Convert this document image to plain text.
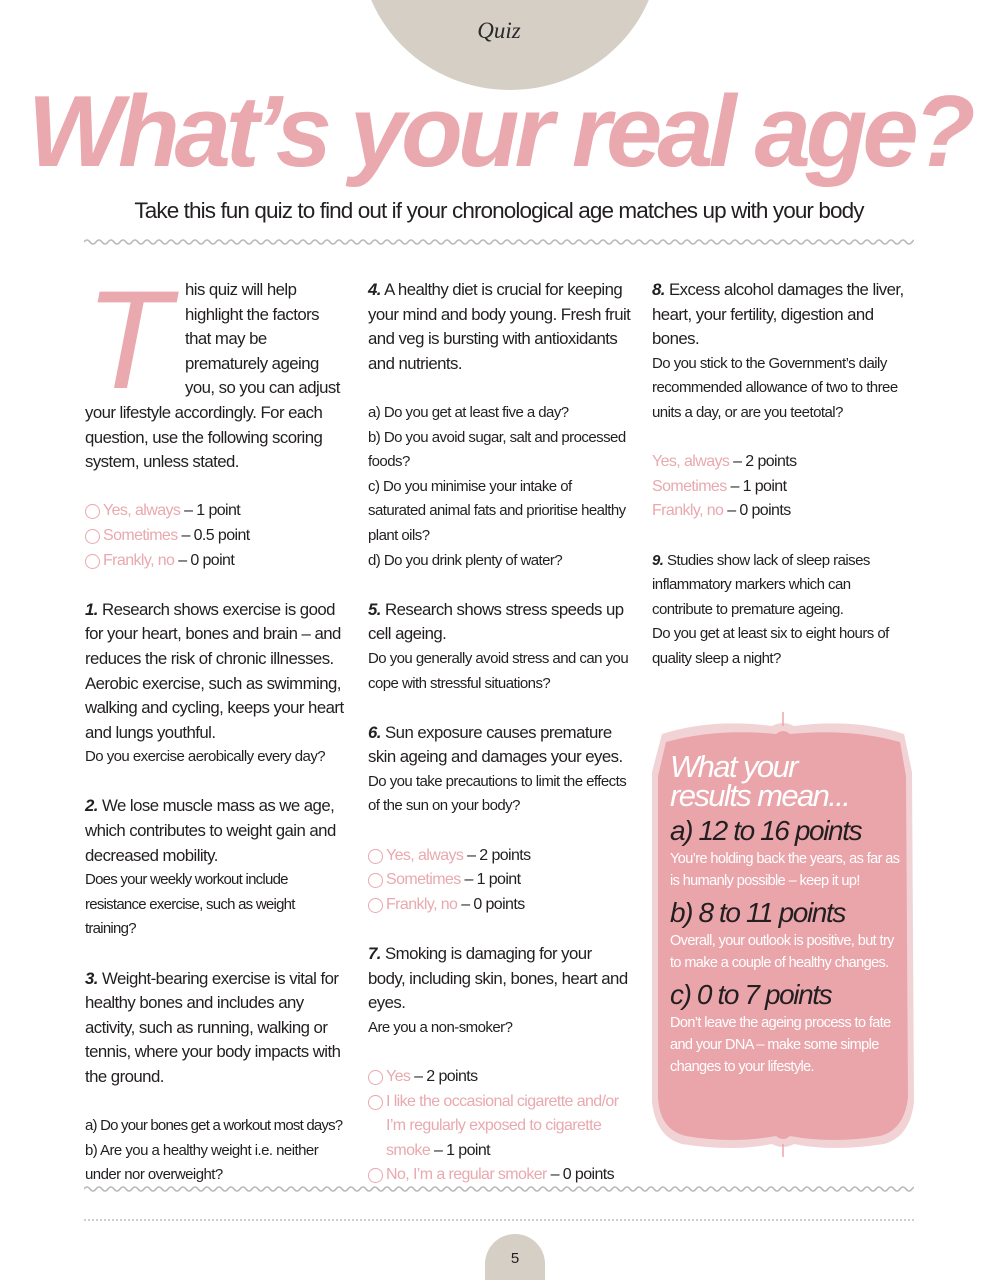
Quiz
What’s your real age?
Take this fun quiz to find out if your chronological age matches up with your body
T his quiz will help
highlight the factors
that may be
prematurely ageing
you, so you can adjust
your lifestyle accordingly. For each question, use the following scoring system, unless stated.
Yes, always – 1 point
Sometimes – 0.5 point
Frankly, no – 0 point
1. Research shows exercise is good for your heart, bones and brain – and reduces the risk of chronic illnesses. Aerobic exercise, such as swimming, walking and cycling, keeps your heart and lungs youthful.
Do you exercise aerobically every day?
2. We lose muscle mass as we age, which contributes to weight gain and decreased mobility.
Does your weekly workout include resistance exercise, such as weight training?
3. Weight-bearing exercise is vital for healthy bones and includes any activity, such as running, walking or tennis, where your body impacts with the ground.
a) Do your bones get a workout most days?
b) Are you a healthy weight i.e. neither under nor overweight?
4. A healthy diet is crucial for keeping your mind and body young. Fresh fruit and veg is bursting with antioxidants and nutrients.
a) Do you get at least five a day?
b) Do you avoid sugar, salt and processed foods?
c) Do you minimise your intake of saturated animal fats and prioritise healthy plant oils?
d) Do you drink plenty of water?
5. Research shows stress speeds up cell ageing.
Do you generally avoid stress and can you cope with stressful situations?
6. Sun exposure causes premature skin ageing and damages your eyes.
Do you take precautions to limit the effects of the sun on your body?
Yes, always – 2 points
Sometimes – 1 point
Frankly, no – 0 points
7. Smoking is damaging for your body, including skin, bones, heart and eyes.
Are you a non-smoker?
Yes – 2 points
I like the occasional cigarette and/or I’m regularly exposed to cigarette smoke – 1 point
No, I’m a regular smoker – 0 points
8. Excess alcohol damages the liver, heart, your fertility, digestion and bones.
Do you stick to the Government’s daily recommended allowance of two to three units a day, or are you teetotal?
Yes, always – 2 points
Sometimes – 1 point
Frankly, no – 0 points
9. Studies show lack of sleep raises inflammatory markers which can contribute to premature ageing.
Do you get at least six to eight hours of quality sleep a night?
What your
results mean...
a) 12 to 16 points
You’re holding back the years, as far as is humanly possible – keep it up!
b) 8 to 11 points
Overall, your outlook is positive, but try to make a couple of healthy changes.
c) 0 to 7 points
Don’t leave the ageing process to fate and your DNA – make some simple changes to your lifestyle.
5
